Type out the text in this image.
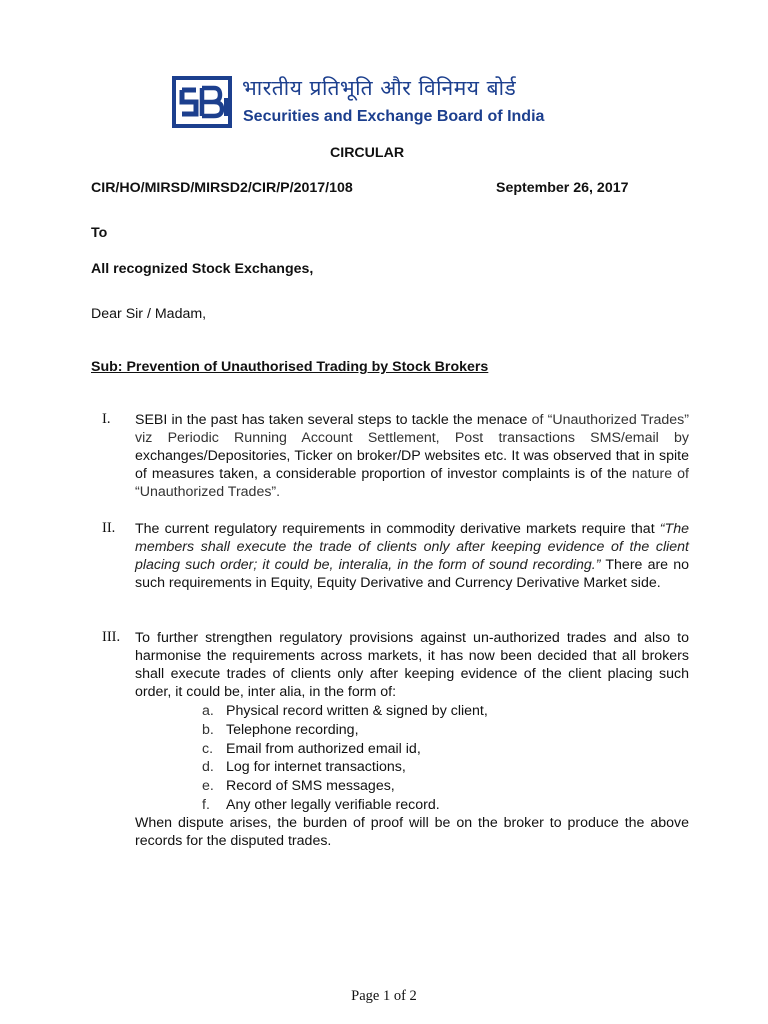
भारतीय प्रतिभूति और विनिमय बोर्ड
Securities and Exchange Board of India
CIRCULAR
CIR/HO/MIRSD/MIRSD2/CIR/P/2017/108	September 26, 2017
To
All recognized Stock Exchanges,
Dear Sir / Madam,
Sub: Prevention of Unauthorised Trading by Stock Brokers
I. SEBI in the past has taken several steps to tackle the menace of “Unauthorized Trades” viz Periodic Running Account Settlement, Post transactions SMS/email by exchanges/Depositories, Ticker on broker/DP websites etc. It was observed that in spite of measures taken, a considerable proportion of investor complaints is of the nature of “Unauthorized Trades”.
II. The current regulatory requirements in commodity derivative markets require that “The members shall execute the trade of clients only after keeping evidence of the client placing such order; it could be, interalia, in the form of sound recording.” There are no such requirements in Equity, Equity Derivative and Currency Derivative Market side.
III. To further strengthen regulatory provisions against un-authorized trades and also to harmonise the requirements across markets, it has now been decided that all brokers shall execute trades of clients only after keeping evidence of the client placing such order, it could be, inter alia, in the form of:
a. Physical record written & signed by client,
b. Telephone recording,
c. Email from authorized email id,
d. Log for internet transactions,
e. Record of SMS messages,
f. Any other legally verifiable record.
When dispute arises, the burden of proof will be on the broker to produce the above records for the disputed trades.
Page 1 of 2
